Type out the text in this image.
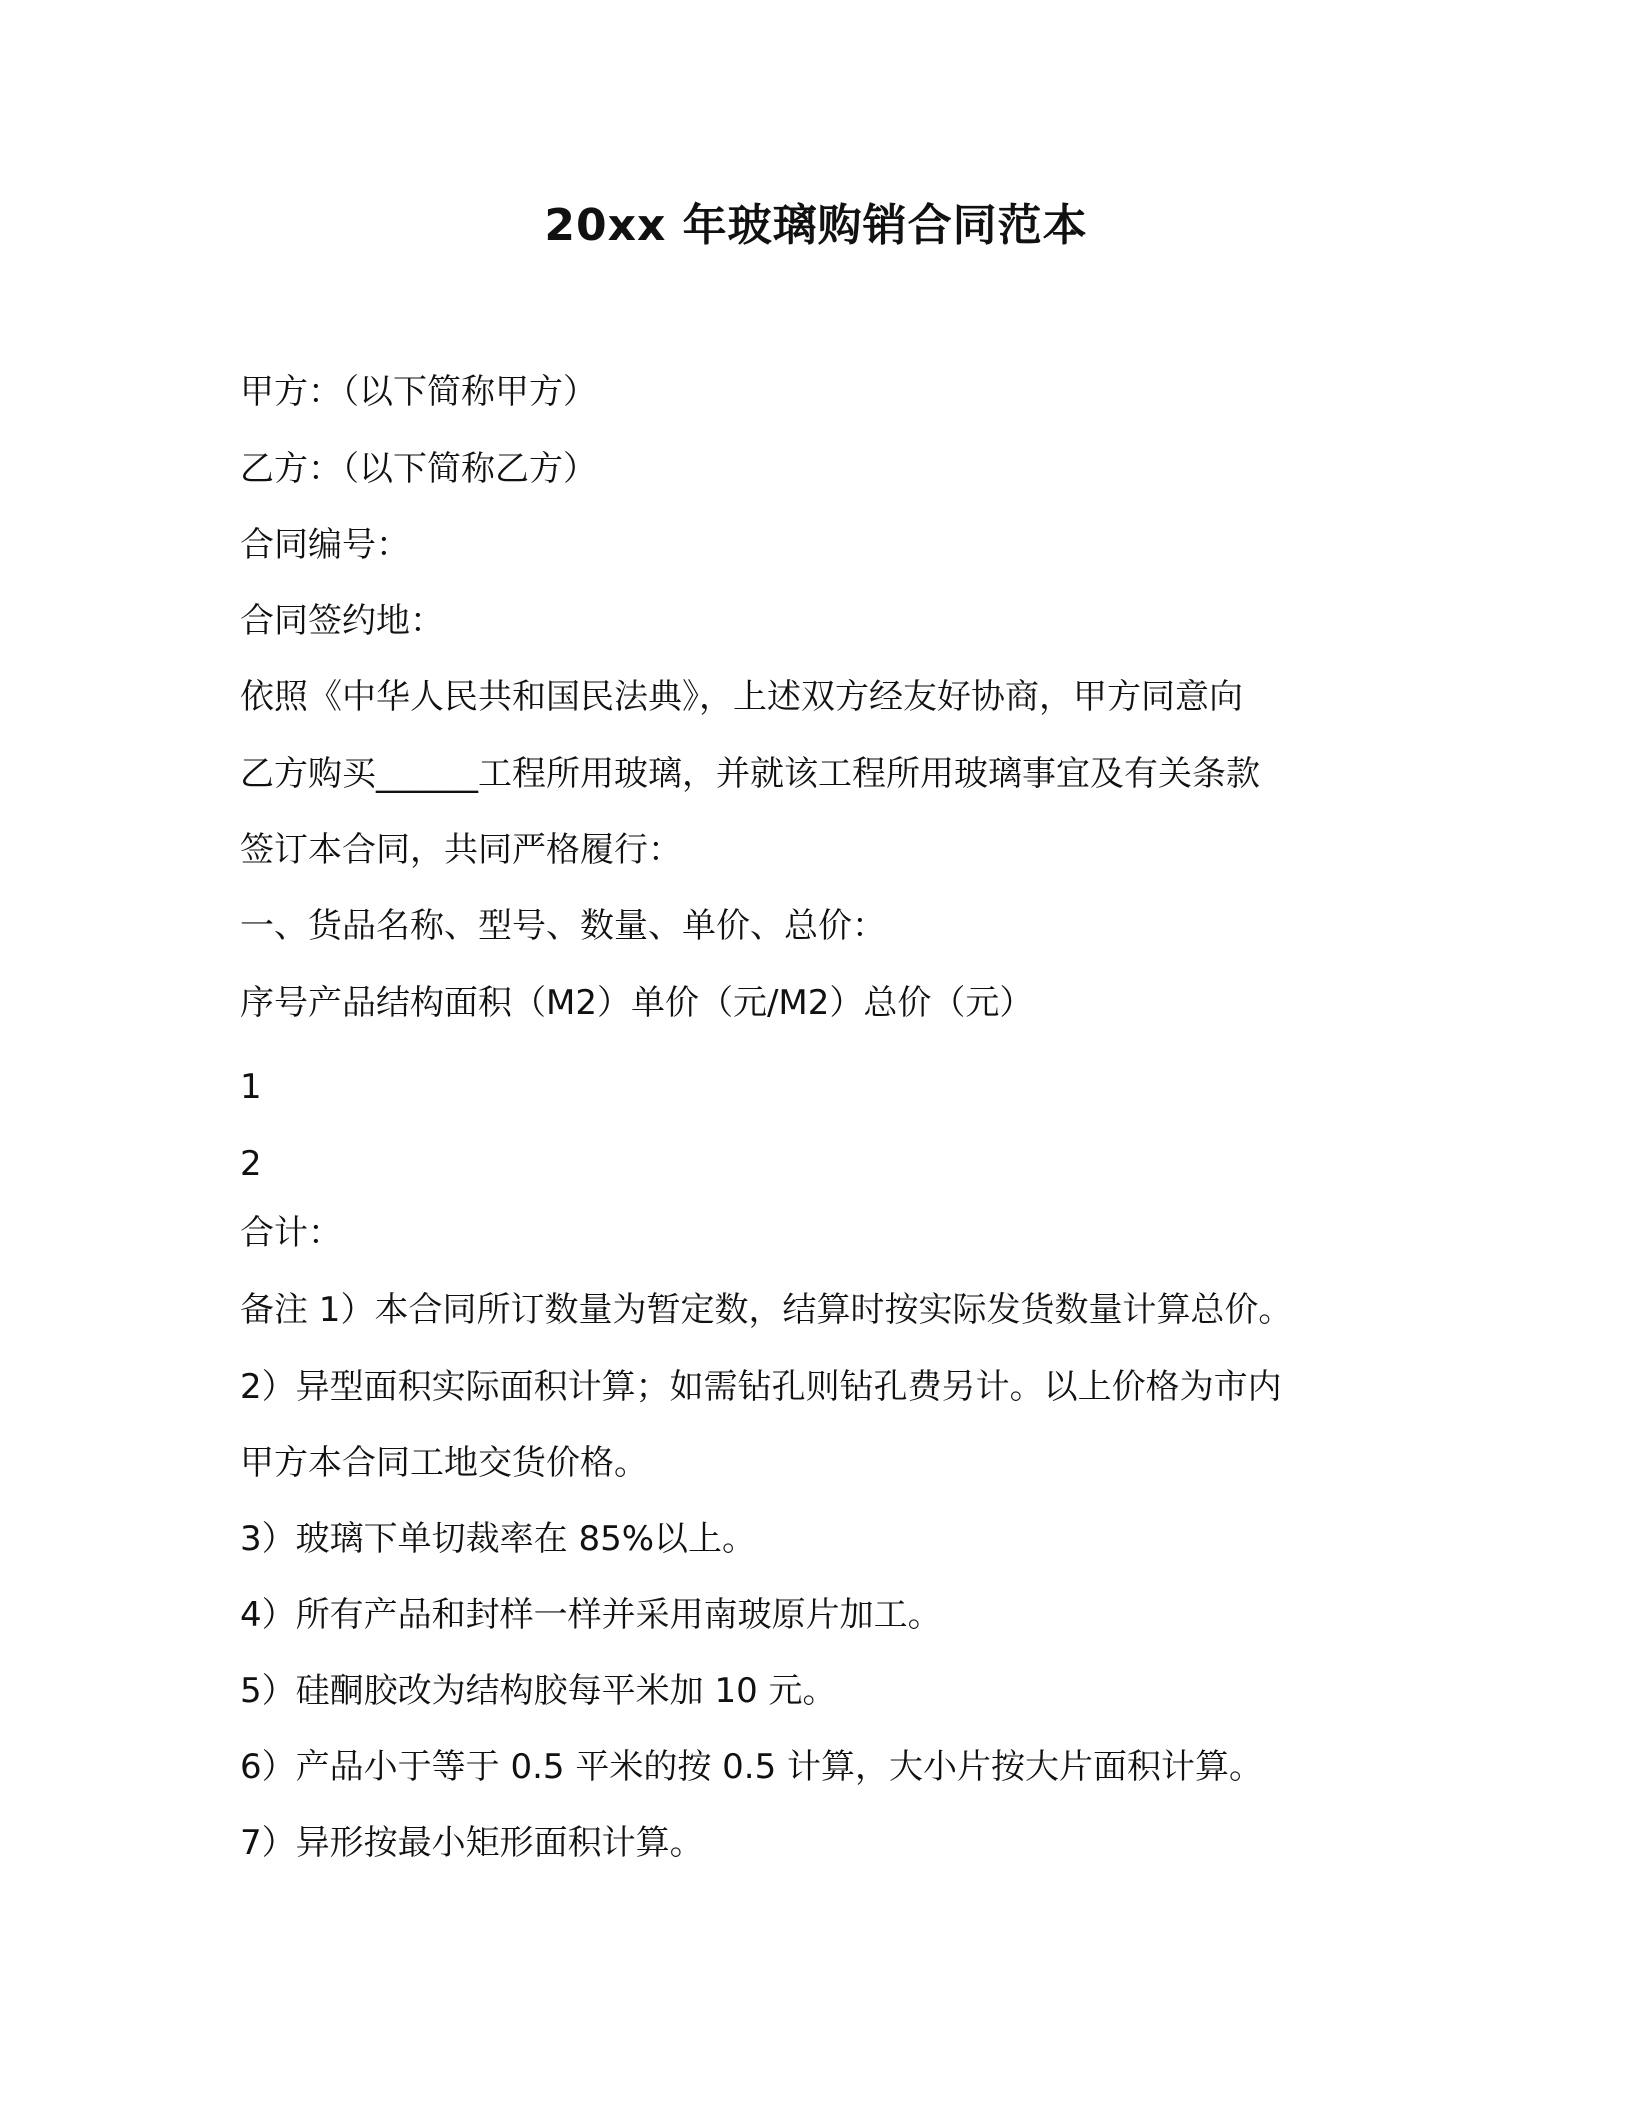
20xx 年玻璃购销合同范本
甲方：（以下简称甲方）
乙方：（以下简称乙方）
合同编号：
合同签约地：
依照《中华人民共和国民法典》，上述双方经友好协商，甲方同意向
乙方购买______工程所用玻璃，并就该工程所用玻璃事宜及有关条款
签订本合同，共同严格履行：
一、货品名称、型号、数量、单价、总价：
序号产品结构面积（M2）单价（元/M2）总价（元）
1
2
合计：
备注 1）本合同所订数量为暂定数，结算时按实际发货数量计算总价。
2）异型面积实际面积计算；如需钻孔则钻孔费另计。以上价格为市内
甲方本合同工地交货价格。
3）玻璃下单切裁率在 85%以上。
4）所有产品和封样一样并采用南玻原片加工。
5）硅酮胶改为结构胶每平米加 10 元。
6）产品小于等于 0.5 平米的按 0.5 计算，大小片按大片面积计算。
7）异形按最小矩形面积计算。
